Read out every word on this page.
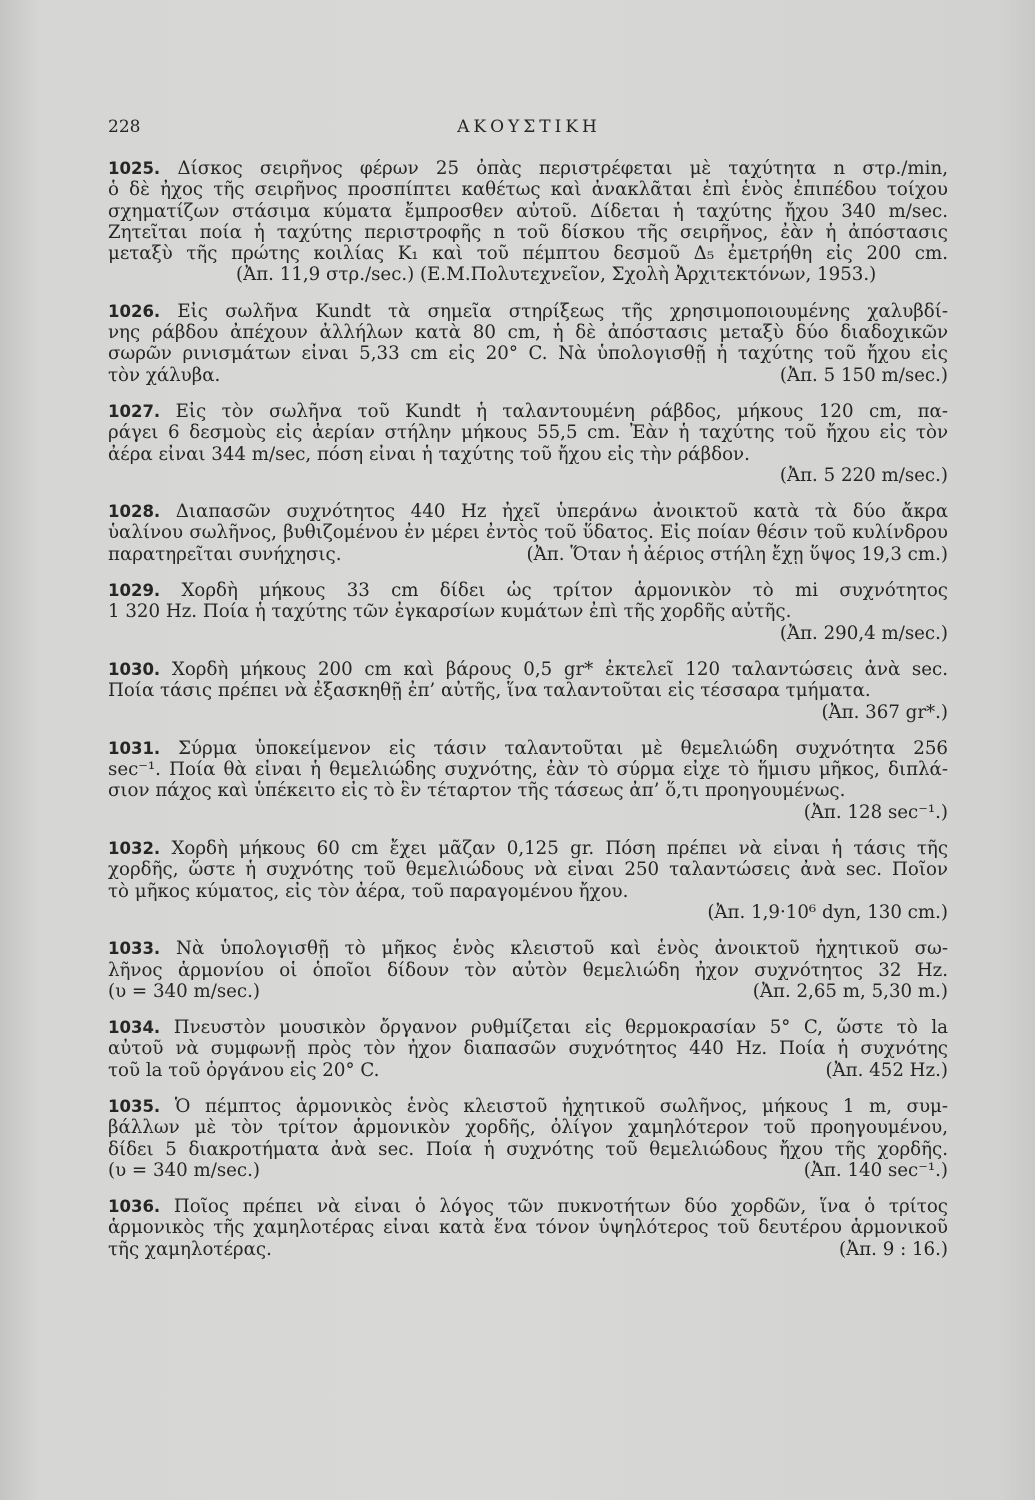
228	ΑΚΟΥΣΤΙΚΗ
1025. Δίσκος σειρῆνος φέρων 25 ὀπὰς περιστρέφεται μὲ ταχύτητα n στρ./min,
ὁ δὲ ἦχος τῆς σειρῆνος προσπίπτει καθέτως καὶ ἀνακλᾶται ἐπὶ ἑνὸς ἐπιπέδου τοίχου
σχηματίζων στάσιμα κύματα ἔμπροσθεν αὐτοῦ. Δίδεται ἡ ταχύτης ἤχου 340 m/sec.
Ζητεῖται ποία ἡ ταχύτης περιστροφῆς n τοῦ δίσκου τῆς σειρῆνος, ἐὰν ἡ ἀπόστασις
μεταξὺ τῆς πρώτης κοιλίας K₁ καὶ τοῦ πέμπτου δεσμοῦ Δ₅ ἐμετρήθη εἰς 200 cm.
(Ἀπ. 11,9 στρ./sec.) (Ε.Μ.Πολυτεχνεῖον, Σχολὴ Ἀρχιτεκτόνων, 1953.)
1026. Εἰς σωλῆνα Kundt τὰ σημεῖα στηρίξεως τῆς χρησιμοποιουμένης χαλυβδί-
νης ράβδου ἀπέχουν ἀλλήλων κατὰ 80 cm, ἡ δὲ ἀπόστασις μεταξὺ δύο διαδοχικῶν
σωρῶν ρινισμάτων εἶναι 5,33 cm εἰς 20° C. Νὰ ὑπολογισθῇ ἡ ταχύτης τοῦ ἤχου εἰς
τὸν χάλυβα.	(Ἀπ. 5 150 m/sec.)
1027. Εἰς τὸν σωλῆνα τοῦ Kundt ἡ ταλαντουμένη ράβδος, μήκους 120 cm, πα-
ράγει 6 δεσμοὺς εἰς ἀερίαν στήλην μήκους 55,5 cm. Ἐὰν ἡ ταχύτης τοῦ ἤχου εἰς τὸν
ἀέρα εἶναι 344 m/sec, πόση εἶναι ἡ ταχύτης τοῦ ἤχου εἰς τὴν ράβδον.
(Ἀπ. 5 220 m/sec.)
1028. Διαπασῶν συχνότητος 440 Hz ἠχεῖ ὑπεράνω ἀνοικτοῦ κατὰ τὰ δύο ἄκρα
ὑαλίνου σωλῆνος, βυθιζομένου ἐν μέρει ἐντὸς τοῦ ὕδατος. Εἰς ποίαν θέσιν τοῦ κυλίνδρου
παρατηρεῖται συνήχησις.	(Ἀπ. Ὅταν ἡ ἀέριος στήλη ἔχῃ ὕψος 19,3 cm.)
1029. Χορδὴ μήκους 33 cm δίδει ὡς τρίτον ἁρμονικὸν τὸ mi συχνότητος
1 320 Hz. Ποία ἡ ταχύτης τῶν ἐγκαρσίων κυμάτων ἐπὶ τῆς χορδῆς αὐτῆς.
(Ἀπ. 290,4 m/sec.)
1030. Χορδὴ μήκους 200 cm καὶ βάρους 0,5 gr* ἐκτελεῖ 120 ταλαντώσεις ἀνὰ sec.
Ποία τάσις πρέπει νὰ ἐξασκηθῇ ἐπ’ αὐτῆς, ἵνα ταλαντοῦται εἰς τέσσαρα τμήματα.
(Ἀπ. 367 gr*.)
1031. Σύρμα ὑποκείμενον εἰς τάσιν ταλαντοῦται μὲ θεμελιώδη συχνότητα 256
sec⁻¹. Ποία θὰ εἶναι ἡ θεμελιώδης συχνότης, ἐὰν τὸ σύρμα εἶχε τὸ ἥμισυ μῆκος, διπλά-
σιον πάχος καὶ ὑπέκειτο εἰς τὸ ἓν τέταρτον τῆς τάσεως ἀπ’ ὅ,τι προηγουμένως.
(Ἀπ. 128 sec⁻¹.)
1032. Χορδὴ μήκους 60 cm ἔχει μᾶζαν 0,125 gr. Πόση πρέπει νὰ εἶναι ἡ τάσις τῆς
χορδῆς, ὥστε ἡ συχνότης τοῦ θεμελιώδους νὰ εἶναι 250 ταλαντώσεις ἀνὰ sec. Ποῖον
τὸ μῆκος κύματος, εἰς τὸν ἀέρα, τοῦ παραγομένου ἤχου.
(Ἀπ. 1,9·10⁶ dyn, 130 cm.)
1033. Νὰ ὑπολογισθῇ τὸ μῆκος ἑνὸς κλειστοῦ καὶ ἑνὸς ἀνοικτοῦ ἠχητικοῦ σω-
λῆνος ἁρμονίου οἱ ὁποῖοι δίδουν τὸν αὐτὸν θεμελιώδη ἦχον συχνότητος 32 Hz.
(υ = 340 m/sec.)	(Ἀπ. 2,65 m, 5,30 m.)
1034. Πνευστὸν μουσικὸν ὄργανον ρυθμίζεται εἰς θερμοκρασίαν 5° C, ὥστε τὸ la
αὐτοῦ νὰ συμφωνῇ πρὸς τὸν ἦχον διαπασῶν συχνότητος 440 Hz. Ποία ἡ συχνότης
τοῦ la τοῦ ὀργάνου εἰς 20° C.	(Ἀπ. 452 Hz.)
1035. Ὁ πέμπτος ἁρμονικὸς ἑνὸς κλειστοῦ ἠχητικοῦ σωλῆνος, μήκους 1 m, συμ-
βάλλων μὲ τὸν τρίτον ἁρμονικὸν χορδῆς, ὀλίγον χαμηλότερον τοῦ προηγουμένου,
δίδει 5 διακροτήματα ἀνὰ sec. Ποία ἡ συχνότης τοῦ θεμελιώδους ἤχου τῆς χορδῆς.
(υ = 340 m/sec.)	(Ἀπ. 140 sec⁻¹.)
1036. Ποῖος πρέπει νὰ εἶναι ὁ λόγος τῶν πυκνοτήτων δύο χορδῶν, ἵνα ὁ τρίτος
ἁρμονικὸς τῆς χαμηλοτέρας εἶναι κατὰ ἕνα τόνον ὑψηλότερος τοῦ δευτέρου ἁρμονικοῦ
τῆς χαμηλοτέρας.	(Ἀπ. 9 : 16.)
